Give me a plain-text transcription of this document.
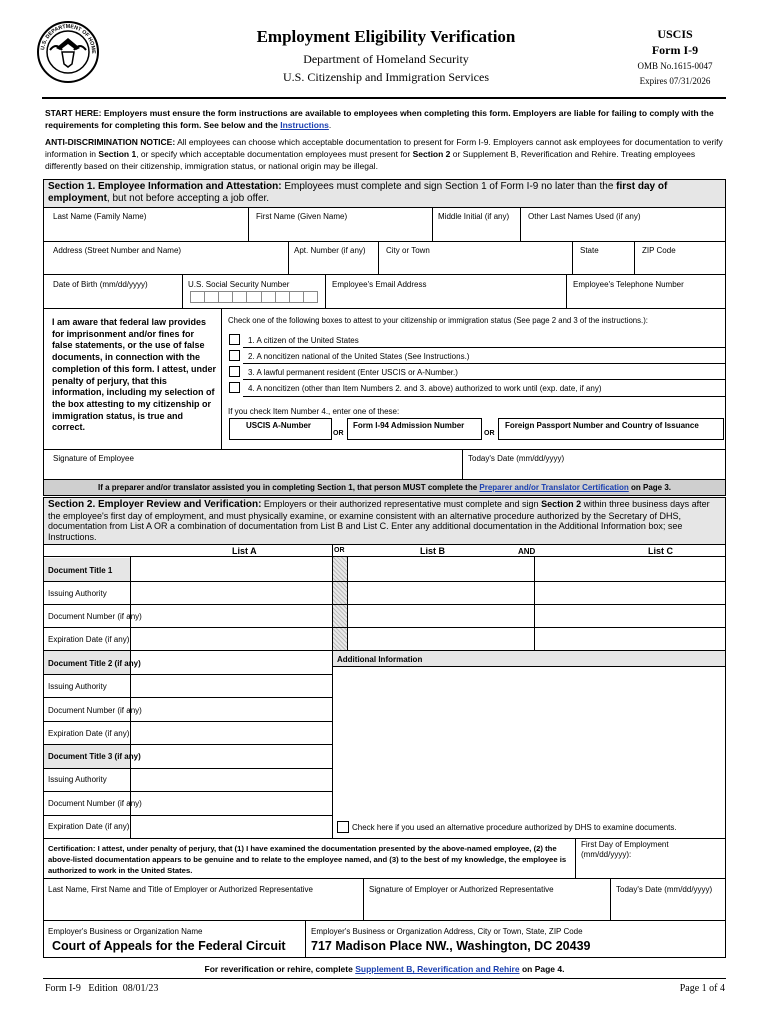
U.S. DEPARTMENT OF HOME
Employment Eligibility Verification
Department of Homeland Security
U.S. Citizenship and Immigration Services
USCIS
Form I-9
OMB No.1615-0047
Expires 07/31/2026
START HERE: Employers must ensure the form instructions are available to employees when completing this form. Employers are liable for failing to comply with the requirements for completing this form. See below and the Instructions.
ANTI-DISCRIMINATION NOTICE: All employees can choose which acceptable documentation to present for Form I-9. Employers cannot ask employees for documentation to verify information in Section 1, or specify which acceptable documentation employees must present for Section 2 or Supplement B, Reverification and Rehire. Treating employees differently based on their citizenship, immigration status, or national origin may be illegal.
Section 1. Employee Information and Attestation: Employees must complete and sign Section 1 of Form I-9 no later than the first day of employment, but not before accepting a job offer.
Last Name (Family Name)	First Name (Given Name)	Middle Initial (if any) Other Last Names Used (if any)
Address (Street Number and Name)	Apt. Number (if any)	City or Town	State	ZIP Code
Date of Birth (mm/dd/yyyy)	U.S. Social Security Number	Employee's Email Address	Employee's Telephone Number
I am aware that federal law provides for imprisonment and/or fines for false statements, or the use of false documents, in connection with the completion of this form. I attest, under penalty of perjury, that this information, including my selection of the box attesting to my citizenship or immigration status, is true and correct.
Check one of the following boxes to attest to your citizenship or immigration status (See page 2 and 3 of the instructions.):
1. A citizen of the United States
2. A noncitizen national of the United States (See Instructions.)
3. A lawful permanent resident (Enter USCIS or A-Number.)
4. A noncitizen (other than Item Numbers 2. and 3. above) authorized to work until (exp. date, if any)
If you check Item Number 4., enter one of these:
USCIS A-Number
OR
Form I-94 Admission Number
OR
Foreign Passport Number and Country of Issuance
Signature of Employee	Today's Date (mm/dd/yyyy)
If a preparer and/or translator assisted you in completing Section 1, that person MUST complete the Preparer and/or Translator Certification on Page 3.
Section 2. Employer Review and Verification: Employers or their authorized representative must complete and sign Section 2 within three business days after the employee's first day of employment, and must physically examine, or examine consistent with an alternative procedure authorized by the Secretary of DHS, documentation from List A OR a combination of documentation from List B and List C. Enter any additional documentation in the Additional Information box; see Instructions.
List A	OR	List B	AND	List C
Document Title 1
Issuing Authority
Document Number (if any)
Expiration Date (if any)
Document Title 2 (if any)
Issuing Authority
Document Number (if any)
Expiration Date (if any)
Document Title 3 (if any)
Issuing Authority
Document Number (if any)
Expiration Date (if any)
Additional Information
Check here if you used an alternative procedure authorized by DHS to examine documents.
Certification: I attest, under penalty of perjury, that (1) I have examined the documentation presented by the above-named employee, (2) the above-listed documentation appears to be genuine and to relate to the employee named, and (3) to the best of my knowledge, the employee is authorized to work in the United States.
First Day of Employment (mm/dd/yyyy):
Last Name, First Name and Title of Employer or Authorized Representative	Signature of Employer or Authorized Representative	Today's Date (mm/dd/yyyy)
Employer's Business or Organization Name	Employer's Business or Organization Address, City or Town, State, ZIP Code
Court of Appeals for the Federal Circuit 717 Madison Place NW., Washington, DC 20439
For reverification or rehire, complete Supplement B, Reverification and Rehire on Page 4.
Form I-9   Edition  08/01/23	Page 1 of 4
